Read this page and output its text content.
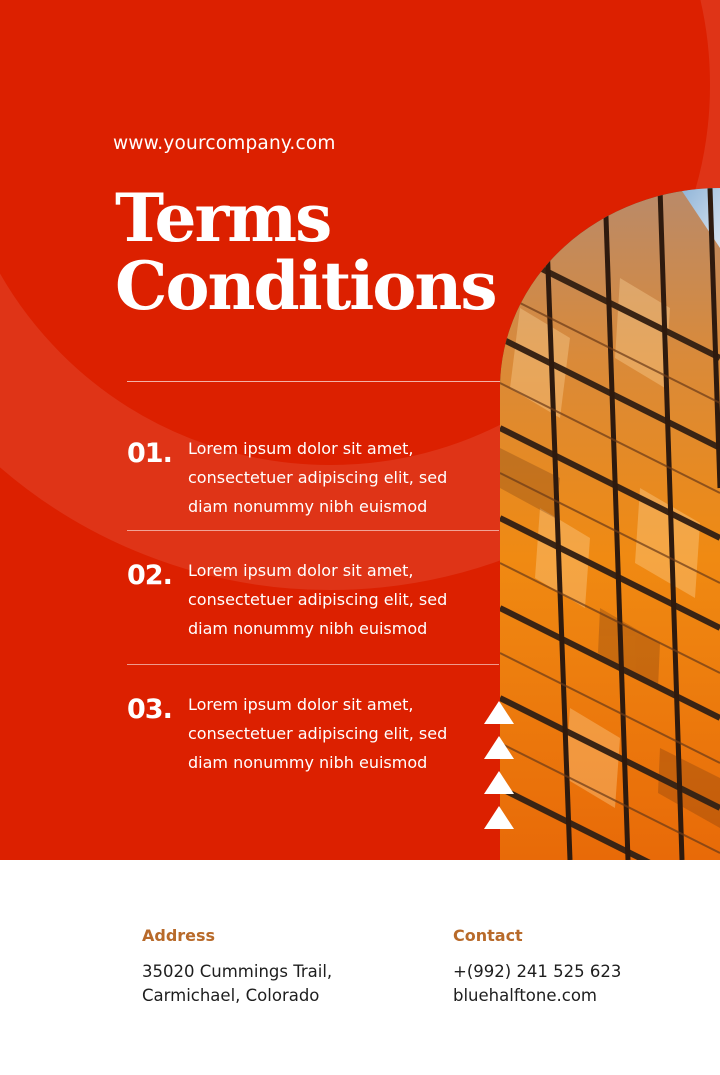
www.yourcompany.com
Terms
Conditions
01. Lorem ipsum dolor sit amet,
consectetuer adipiscing elit, sed
diam nonummy nibh euismod
02. Lorem ipsum dolor sit amet,
consectetuer adipiscing elit, sed
diam nonummy nibh euismod
03. Lorem ipsum dolor sit amet,
consectetuer adipiscing elit, sed
diam nonummy nibh euismod
Address
35020 Cummings Trail,
Carmichael, Colorado
Contact
+(992) 241 525 623
bluehalftone.com
